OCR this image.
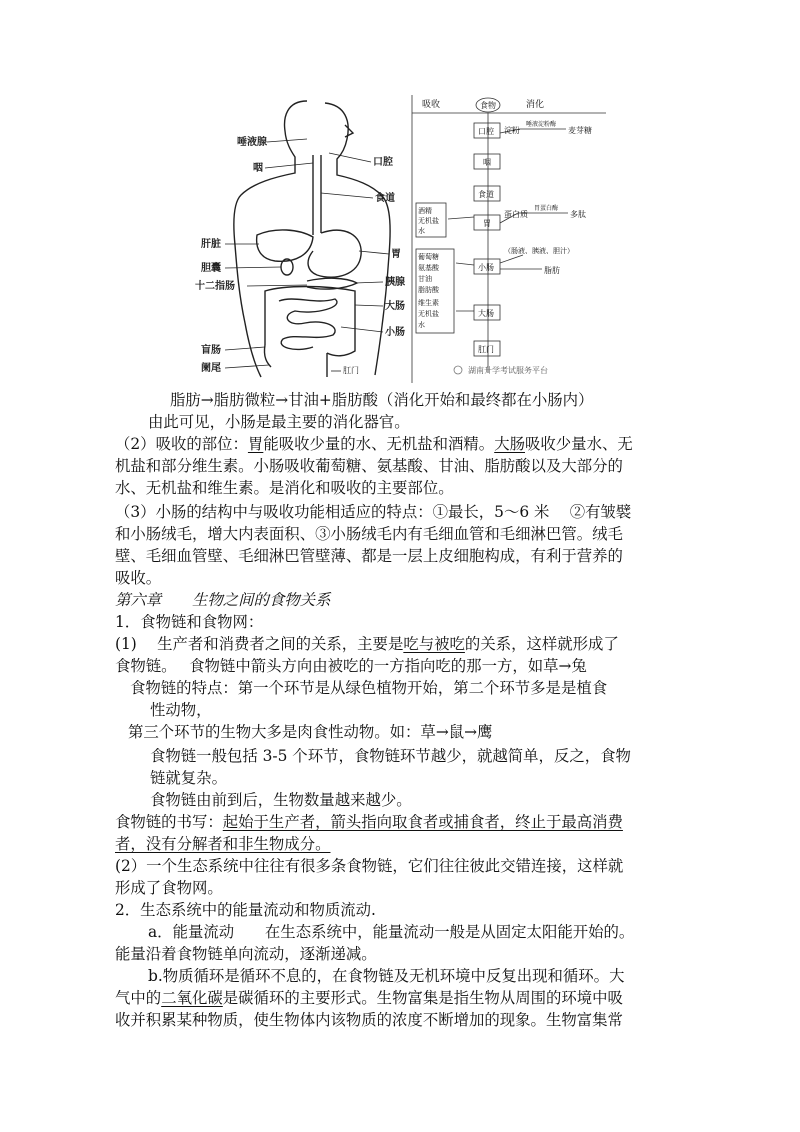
唾液腺
咽
口腔
食道
肝脏
胆囊
胃
胰腺
十二指肠
大肠
小肠
盲肠
阑尾	肛门
吸收	消化
食物
口腔
咽
食道
胃
小肠
大肠
肛门
淀粉
唾液淀粉酶
麦芽糖
蛋白质
胃蛋白酶
多肽
（肠液、胰液、胆汁）
脂肪
酒精
无机盐
水
葡萄糖
氨基酸
甘油
脂肪酸
维生素
无机盐
水
湖南升学考试服务平台
脂肪→脂肪微粒→甘油+脂肪酸（消化开始和最终都在小肠内）
由此可见，小肠是最主要的消化器官。
（2）吸收的部位：胃能吸收少量的水、无机盐和酒精。大肠吸收少量水、无
机盐和部分维生素。小肠吸收葡萄糖、氨基酸、甘油、脂肪酸以及大部分的
水、无机盐和维生素。是消化和吸收的主要部位。
（3）小肠的结构中与吸收功能相适应的特点：①最长，5～6 米　 ②有皱襞
和小肠绒毛，增大内表面积、③小肠绒毛内有毛细血管和毛细淋巴管。绒毛
壁、毛细血管壁、毛细淋巴管壁薄、都是一层上皮细胞构成，有利于营养的
吸收。
第六章　　生物之间的食物关系
1．食物链和食物网：
(1)　 生产者和消费者之间的关系，主要是吃与被吃的关系，这样就形成了
食物链。　 食物链中箭头方向由被吃的一方指向吃的那一方，如草→兔
食物链的特点：第一个环节是从绿色植物开始，第二个环节多是是植食
性动物，
第三个环节的生物大多是肉食性动物。如：草→鼠→鹰
食物链一般包括 3-5 个环节，食物链环节越少，就越简单，反之，食物
链就复杂。
食物链由前到后，生物数量越来越少。
食物链的书写：起始于生产者，箭头指向取食者或捕食者，终止于最高消费
者，没有分解者和非生物成分。
(2）一个生态系统中往往有很多条食物链，它们往往彼此交错连接，这样就
形成了食物网。
2．生态系统中的能量流动和物质流动.
a．能量流动　　在生态系统中，能量流动一般是从固定太阳能开始的。
能量沿着食物链单向流动，逐渐递减。
b.物质循环是循环不息的，在食物链及无机环境中反复出现和循环。大
气中的二氧化碳是碳循环的主要形式。生物富集是指生物从周围的环境中吸
收并积累某种物质，使生物体内该物质的浓度不断增加的现象。生物富集常
